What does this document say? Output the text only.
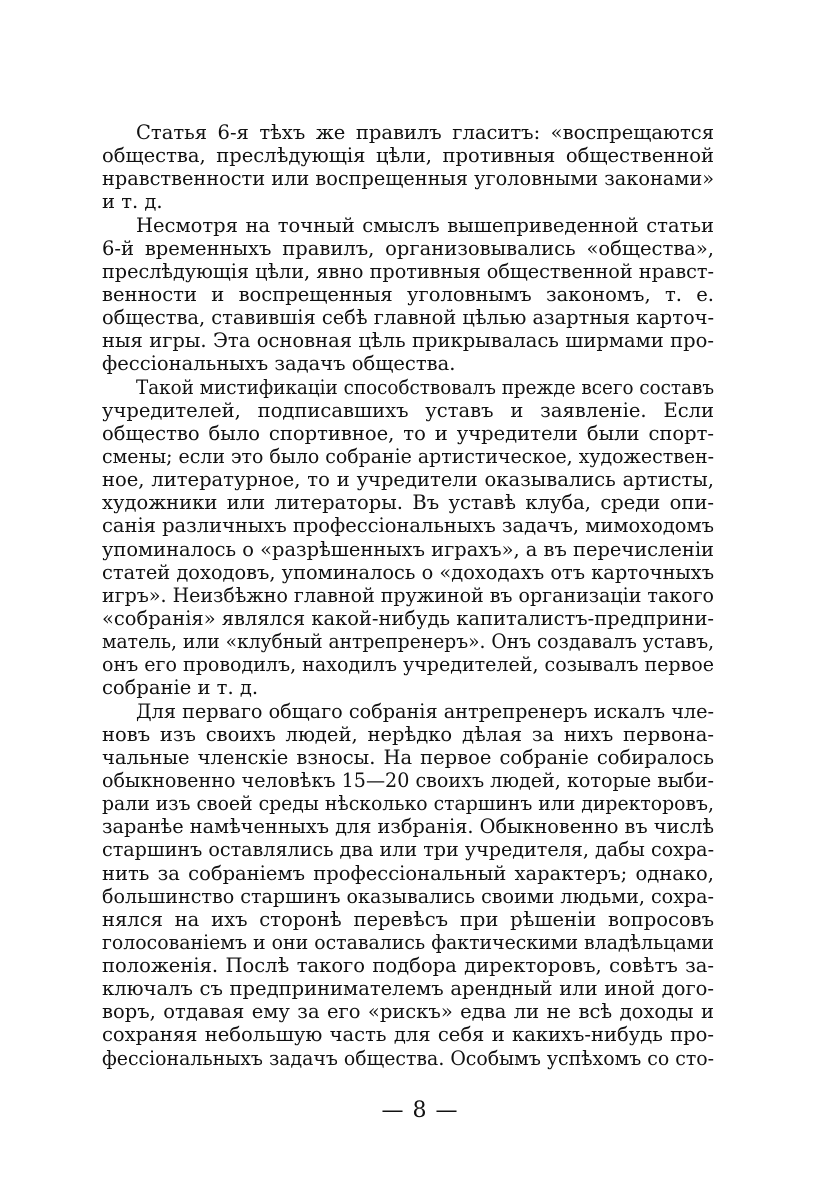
Статья 6-я тѣхъ же правилъ гласитъ: «воспрещаются
общества, преслѣдующія цѣли, противныя общественной
нравственности или воспрещенныя уголовными законами»
и т. д.
Несмотря на точный смыслъ вышеприведенной статьи
6-й временныхъ правилъ, организовывались «общества»,
преслѣдующія цѣли, явно противныя общественной нравст-
венности и воспрещенныя уголовнымъ закономъ, т. е.
общества, ставившія себѣ главной цѣлью азартныя карточ-
ныя игры. Эта основная цѣль прикрывалась ширмами про-
фессіональныхъ задачъ общества.
Такой мистификаціи способствовалъ прежде всего составъ
учредителей, подписавшихъ уставъ и заявленіе. Если
общество было спортивное, то и учредители были спорт-
смены; если это было собраніе артистическое, художествен-
ное, литературное, то и учредители оказывались артисты,
художники или литераторы. Въ уставѣ клуба, среди опи-
санія различныхъ профессіональныхъ задачъ, мимоходомъ
упоминалось о «разрѣшенныхъ играхъ», а въ перечисленіи
статей доходовъ, упоминалось о «доходахъ отъ карточныхъ
игръ». Неизбѣжно главной пружиной въ организаціи такого
«собранія» являлся какой-нибудь капиталистъ-предприни-
матель, или «клубный антрепренеръ». Онъ создавалъ уставъ,
онъ его проводилъ, находилъ учредителей, созывалъ первое
собраніе и т. д.
Для перваго общаго собранія антрепренеръ искалъ чле-
новъ изъ своихъ людей, нерѣдко дѣлая за нихъ первона-
чальные членскіе взносы. На первое собраніе собиралось
обыкновенно человѣкъ 15—20 своихъ людей, которые выби-
рали изъ своей среды нѣсколько старшинъ или директоровъ,
заранѣе намѣченныхъ для избранія. Обыкновенно въ числѣ
старшинъ оставлялись два или три учредителя, дабы сохра-
нить за собраніемъ профессіональный характеръ; однако,
большинство старшинъ оказывались своими людьми, сохра-
нялся на ихъ сторонѣ перевѣсъ при рѣшеніи вопросовъ
голосованіемъ и они оставались фактическими владѣльцами
положенія. Послѣ такого подбора директоровъ, совѣтъ за-
ключалъ съ предпринимателемъ арендный или иной дого-
воръ, отдавая ему за его «рискъ» едва ли не всѣ доходы и
сохраняя небольшую часть для себя и какихъ-нибудь про-
фессіональныхъ задачъ общества. Особымъ успѣхомъ со сто-
— 8 —
